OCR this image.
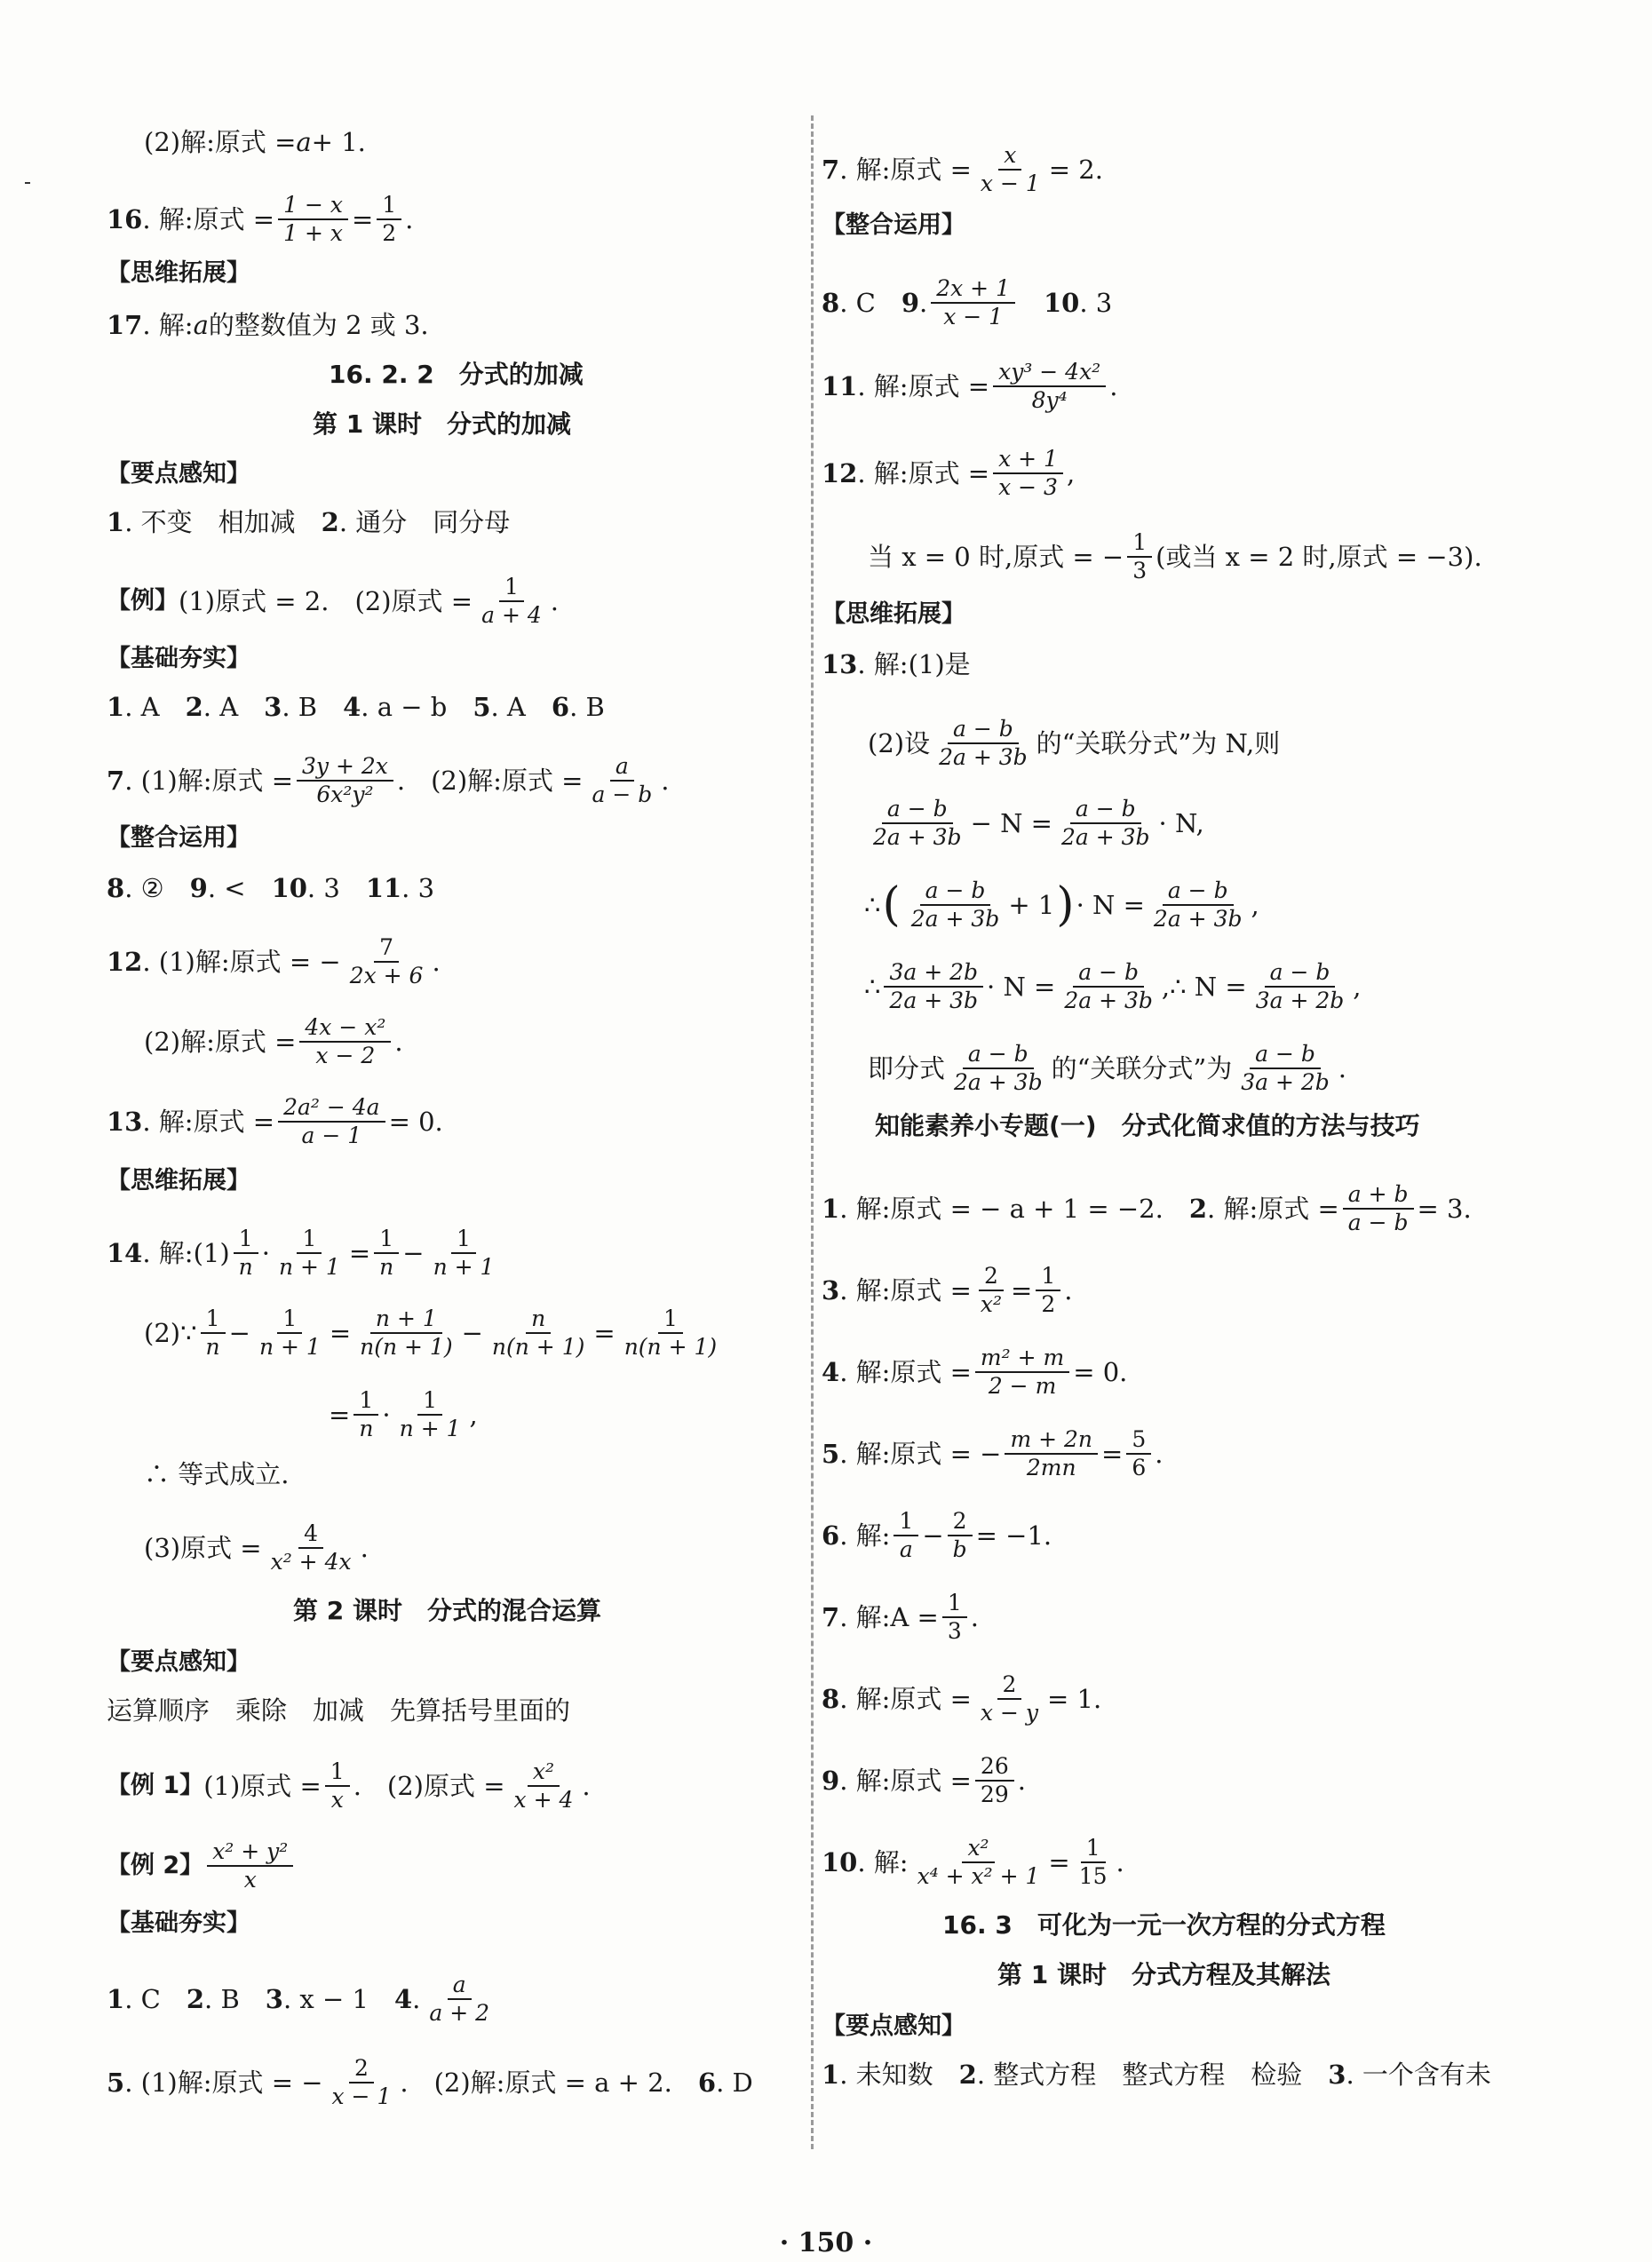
(2)解:原式 = a + 1.
16 . 解:原式 = $\frac{1 - x}{1 + x} = \frac{1}{2}$ .
【思维拓展】
17 . 解: a 的整数值为 2 或 3.
16. 2. 2　分式的加减
第 1 课时　分式的加减
【要点感知】
1 . 不变　相加减　 2 . 通分　同分母
【例】 (1)原式 = 2.　(2)原式 = $\frac{1}{a + 4}$ .
【基础夯实】
1 . A　 2 . A　 3 . B　 4 . a − b　 5 . A　 6 . B
7 . (1)解:原式 = $\frac{3y + 2x}{\text{6x²y²}}$ .　(2)解:原式 = $\frac{a}{a - b}$ .
【整合运用】
8 . ②　 9 . <　 10 . 3　 11 . 3
12 . (1)解:原式 = − $\frac{7}{2x + 6}$ .
(2)解:原式 = $\frac{\text{4x − x²}}{x - 2}$ .
13 . 解:原式 = $\frac{\text{2a² − 4a}}{a - 1} = 0$.
【思维拓展】
14 . 解:(1) $\frac{1}{n} \cdot \frac{1}{n + 1} = \frac{1}{n} - \frac{1}{n + 1}$
(2)∵ $\frac{1}{n} - \frac{1}{n + 1} = \frac{n + 1}{n(n + 1)} - \frac{n}{n(n + 1)} = \frac{1}{n(n + 1)}$
= $\frac{1}{n} \cdot \frac{1}{n + 1}$ ,
∴ 等式成立.
(3)原式 = $\frac{4}{\text{x² + 4x}}$ .
第 2 课时　分式的混合运算
【要点感知】
运算顺序　乘除　加减　先算括号里面的
【例 1】 (1)原式 = $\frac{1}{x}$ .　(2)原式 = $\frac{\text{x²}}{x + 4}$ .
【例 2】 $\frac{\text{x² + y²}}{x}$
【基础夯实】
1 . C　 2 . B　 3 . x − 1　 4 . $\frac{a}{a + 2}$
5 . (1)解:原式 = − $\frac{2}{x - 1}$ .　(2)解:原式 = a + 2.　 6 . D
7 . 解:原式 = $\frac{x}{x - 1} = 2$.
【整合运用】
8 . C　 9 . $\frac{2x + 1}{x - 1} 10$ . 3
11 . 解:原式 = $\frac{\text{xy³ − 4x²}}{\text{8y⁴}}$ .
12 . 解:原式 = $\frac{x + 1}{x - 3}$ ,
当 x = 0 时,原式 = − $\frac{1}{3}$ (或当 x = 2 时,原式 = −3).
【思维拓展】
13 . 解:(1)是
(2)设 $\frac{a - b}{2a + 3b}$ 的“关联分式”为 N,则
$\frac{a - b}{2a + 3b} - N = \frac{a - b}{2a + 3b} \cdot N$,
∴ ( $\frac{a - b}{2a + 3b} + 1$ ) · $N = \frac{a - b}{2a + 3b}$ ,
∴ $\frac{3a + 2b}{2a + 3b} \cdot N = \frac{a - b}{2a + 3b}$ ,∴ $N = \frac{a - b}{3a + 2b}$ ,
即分式 $\frac{a - b}{2a + 3b}$ 的“关联分式”为 $\frac{a - b}{3a + 2b}$ .
知能素养小专题(一)　分式化简求值的方法与技巧
1 . 解:原式 = − a + 1 = −2.　 2 . 解:原式 = $\frac{a + b}{a - b} = 3$.
3 . 解:原式 = $\frac{2}{\text{x²}} = \frac{1}{2}$ .
4 . 解:原式 = $\frac{\text{m² + m}}{2 - m} = 0$.
5 . 解:原式 = − $\frac{m + 2n}{2mn} = \frac{5}{6}$ .
6 . 解: $\frac{1}{a} - \frac{2}{b} = -1$.
7 . 解:A = $\frac{1}{3}$ .
8 . 解:原式 = $\frac{2}{x - y} = 1$.
9 . 解:原式 = $\frac{26}{29}$ .
10 . 解: $\frac{\text{x²}}{\text{x⁴ + x² + 1}} = \frac{1}{15}$ .
16. 3　可化为一元一次方程的分式方程
第 1 课时　分式方程及其解法
【要点感知】
1 . 未知数　 2 . 整式方程　整式方程　检验　 3 . 一个含有未
· 150 ·
